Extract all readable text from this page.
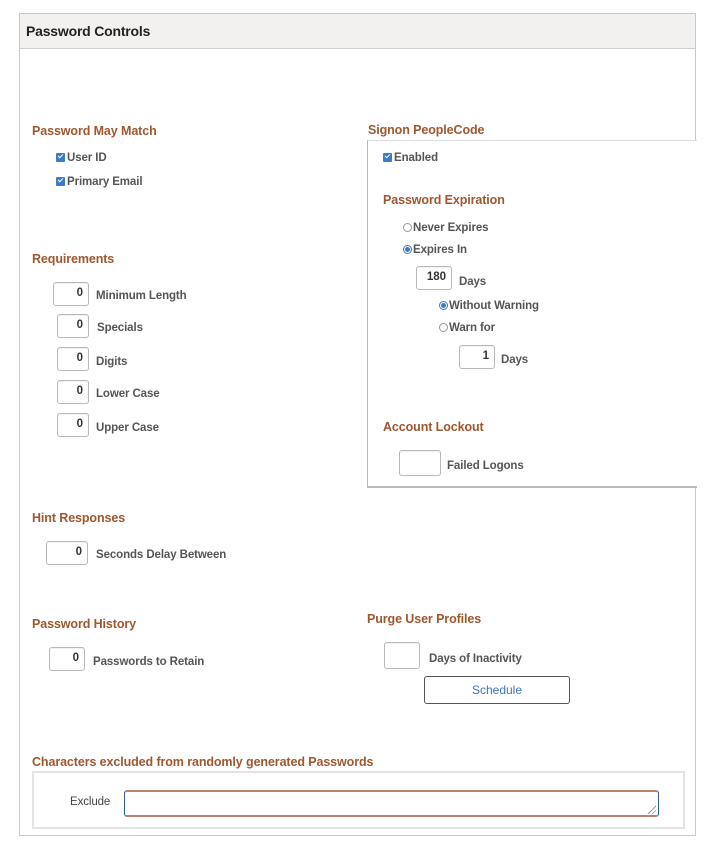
Password Controls
Password May Match
User ID
Primary Email
Requirements
0	Minimum Length
0	Specials
0	Digits
0	Lower Case
0	Upper Case
Hint Responses
0	Seconds Delay Between
Password History
0	Passwords to Retain
Signon PeopleCode
Enabled
Password Expiration
Never Expires
Expires In
180	Days
Without Warning
Warn for
1	Days
Account Lockout
Failed Logons
Purge User Profiles
Days of Inactivity
Schedule
Characters excluded from randomly generated Passwords
Exclude
